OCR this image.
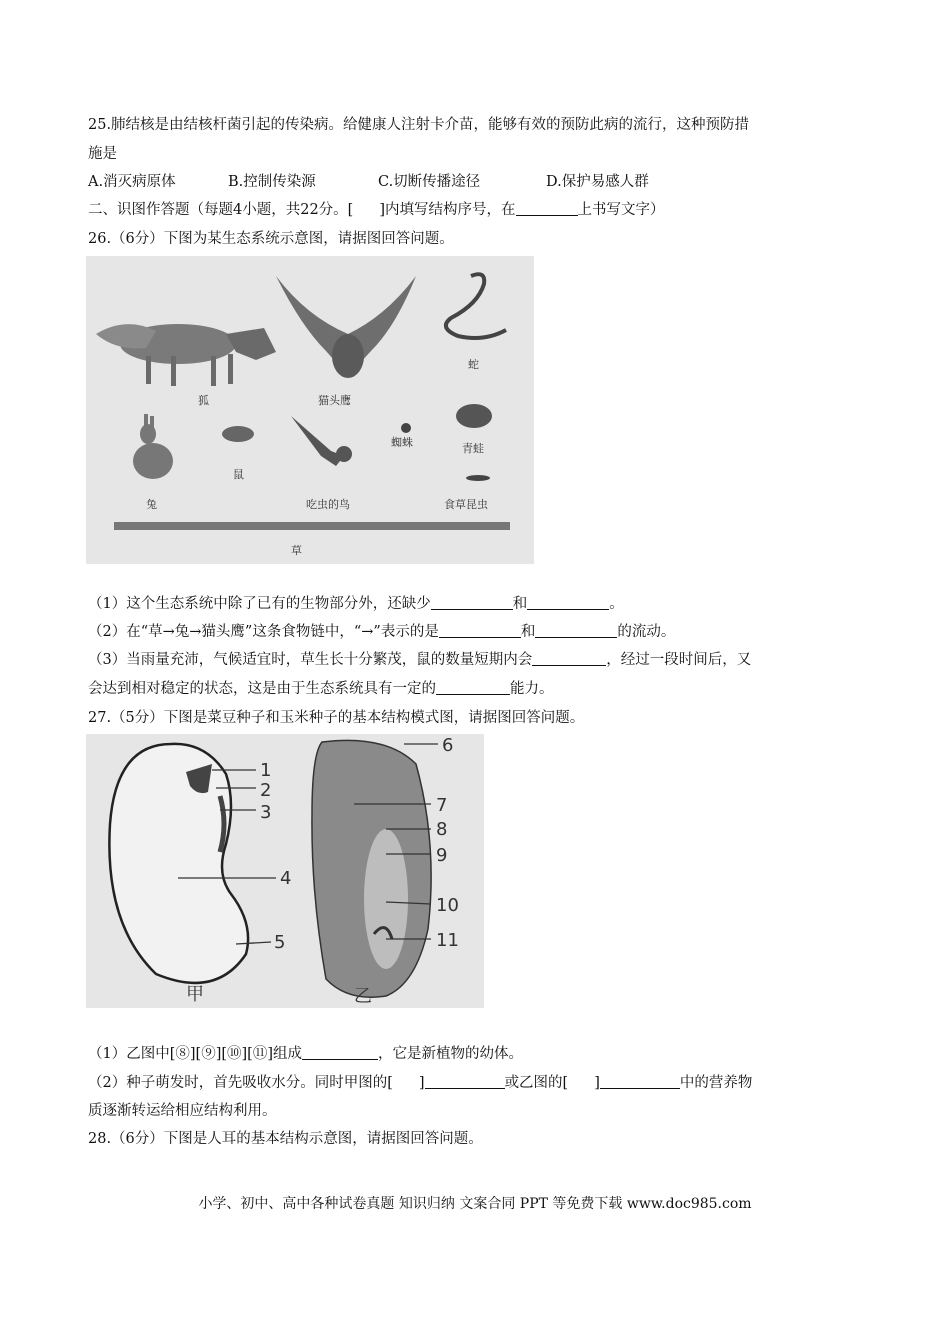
25.肺结核是由结核杆菌引起的传染病。给健康人注射卡介苗，能够有效的预防此病的流行，这种预防措
施是
A.消灭病原体	B.控制传染源	C.切断传播途径	D.保护易感人群
二、识图作答题（每题4小题，共22分。[ ]内填写结构序号，在	上书写文字）
26.（6分）下图为某生态系统示意图，请据图回答问题。
狐	猫头鹰
蛇
兔
鼠
吃虫的鸟
蜘蛛	青蛙
食草昆虫
草
（1）这个生态系统中除了已有的生物部分外，还缺少	和	。
（2）在“草→兔→猫头鹰”这条食物链中，“→”表示的是	和	的流动。
（3）当雨量充沛，气候适宜时，草生长十分繁茂，鼠的数量短期内会	，经过一段时间后，又
会达到相对稳定的状态，这是由于生态系统具有一定的	能力。
27.（5分）下图是菜豆种子和玉米种子的基本结构模式图，请据图回答问题。
1
2
3
4
5
6
7
8
9
10
11
甲	乙
（1）乙图中[⑧][⑨][⑩][⑪]组成	，它是新植物的幼体。
（2）种子萌发时，首先吸收水分。同时甲图的[ ]	或乙图的[ ]	中的营养物
质逐渐转运给相应结构利用。
28.（6分）下图是人耳的基本结构示意图，请据图回答问题。
小学、初中、高中各种试卷真题 知识归纳 文案合同 PPT 等免费下载 www.doc985.com
